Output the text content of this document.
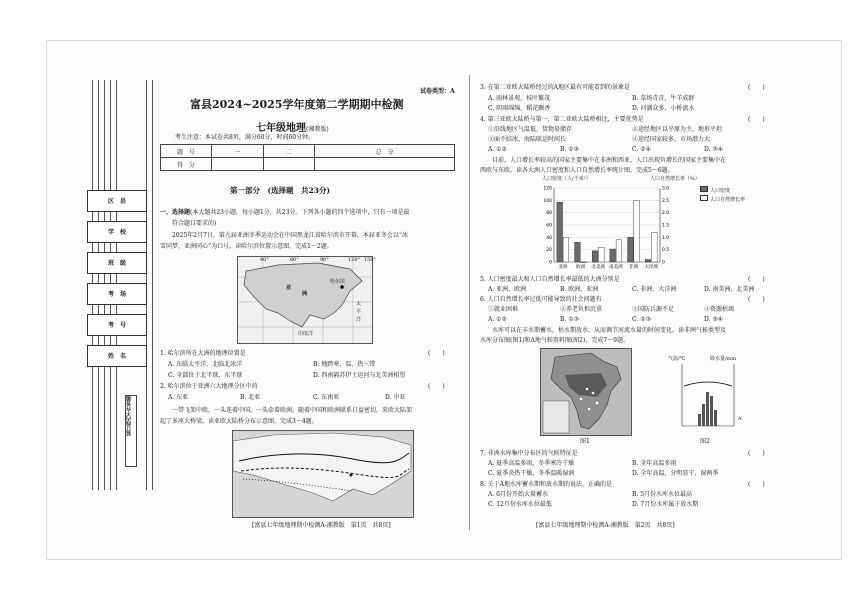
区　县
学　校
班　级
考　场
考　号
姓　名
装订线内不许答题
试卷类型：A
富县2024~2025学年度第二学期期中检测
七年级地理(湘教版)
考生注意：本试卷共8页，满分60分，时间60分钟。
题　号	一	二	总　分
得　分			
第一部分　(选择题　共23分)
一、选择题(本大题共23小题，每小题1分，共23分。下列各小题的四个选项中，只有一项是最
符合题目要求的)
2025年2月7日，第九届亚洲冬季运动会在中国黑龙江省哈尔滨市开幕，本届亚冬会以“冰
雪同梦，亚洲同心”为口号。读哈尔滨位置示意图，完成1～2题。
40°	60°	90°	120° 150°
亚
洲
太
平
洋
哈尔滨
印度洋
1. 哈尔滨所在大洲的地理位置是	(　　)
A. 东临太平洋，北临北冰洋	B. 地跨寒、温、热三带
C. 全部位于北半球、东半球	D. 西南隔苏伊士运河与北美洲相望
2. 哈尔滨位于亚洲六大地理分区中的	(　　)
A. 东亚	B. 北亚	C. 东南亚	D. 中亚
一带飞架中欧，一头连着中国，一头牵着欧洲。随着中国和欧洲联系日益密切，来欧大陆架
起了多座大桥梁。读亚欧大陆桥分布示意图，完成3～4题。
[富县七年级地理期中检测A-湘教版　第1页　共8页]
3. 在第二亚欧大陆桥经过的A地区最有可能看到的景象是	(　　)
A. 雨林景观，枝叶繁茂	B. 草场青青，牛羊成群
C. 阴雨绵绵，稻花飘香	D. 河湖众多，小桥流水
4. 第三亚欧大陆桥与第一、第二亚欧大陆桥相比，主要优势是	(　　)
①沿线地区气温低，货物易储存	②途经地区以平原为主，地形平坦
③面不结冰，海陆联运时间长	④途经国家较多，市场潜力大
A. ①②	B. ①③	C. ②④	D. ③④
目前，人口增长率较高的国家主要集中在非洲和西亚，人口出现负增长的国家主要集中在
西欧与东欧。读各大洲人口密度和人口自然增长率统计图，完成5～6题。
人口密度（人/千米²）	人口自然增长率（%）
120	3.0
100	2.5
80	2.0
60	1.5
40	1.0
20	0.5
0	0
亚洲 欧洲 北美洲 南美洲 非洲 大洋洲
人口密度
人口自然增长率
5. 人口密度最大和人口自然增长率最低的大洲分别是	(　　)
A. 亚洲、欧洲	B. 欧洲、亚洲	C. 非洲、大洋洲	D. 南美洲、北美洲
6. 人口自然增长率过低可能导致的社会问题有	(　　)
①就业困难	②养老负担沉重	③国防兵源不足	④资源枯竭
A. ①②	B. ①③	C. ②③	D. ③④
水库可以在丰水期蓄水，枯水期放水，从而调节河流水量的时间变化。读非洲气候类型及
水库分布图(图1)和A地气候资料图(图2)，完成7～9题。
图1
气温/℃	降水量/mm
A
图2
7. 非洲水库集中分布区的气候特征是	(　　)
A. 夏季高温多雨，冬季寒冷干燥	B. 全年高温多雨
C. 夏季炎热干燥，冬季温暖湿润	D. 全年高温，分明显干、湿两季
8. 关于A地水库蓄水期和放水期的说法，正确的是	(　　)
A. 6月份开始大量蓄水	B. 5月份水库水位最高
C. 12月份水库水位最低	D. 7月份水库属于放水期
[富县七年级地理期中检测A-湘教版　第2页　共8页]
